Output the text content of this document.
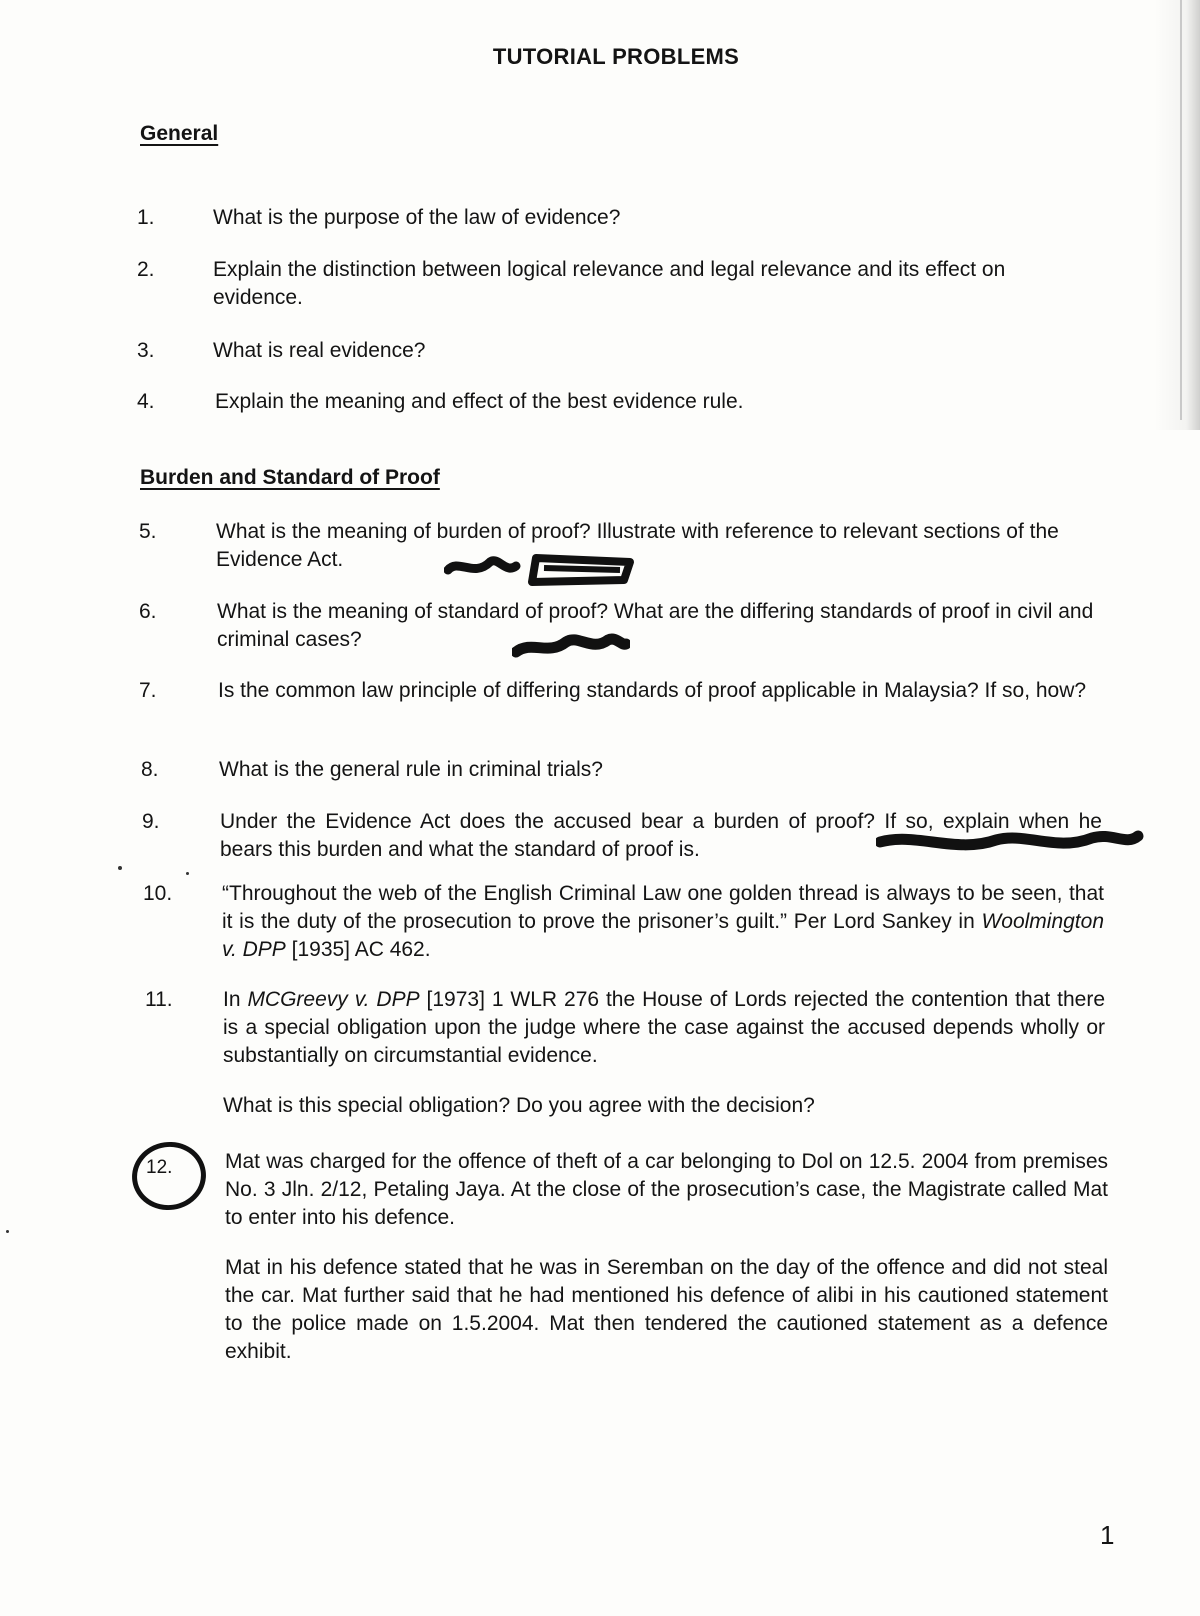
TUTORIAL PROBLEMS
General
1.	What is the purpose of the law of evidence?
2.	Explain the distinction between logical relevance and legal relevance and its effect on evidence.
3.	What is real evidence?
4.	Explain the meaning and effect of the best evidence rule.
Burden and Standard of Proof
5.	What is the meaning of burden of proof? Illustrate with reference to relevant sections of the Evidence Act.
6.	What is the meaning of standard of proof? What are the differing standards of proof in civil and criminal cases?
7.	Is the common law principle of differing standards of proof applicable in Malaysia? If so, how?
8.	What is the general rule in criminal trials?
9.	Under the Evidence Act does the accused bear a burden of proof? If so, explain when he bears this burden and what the standard of proof is.
10. “Throughout the web of the English Criminal Law one golden thread is always to be seen, that it is the duty of the prosecution to prove the prisoner’s guilt.” Per Lord Sankey in Woolmington v. DPP [1935] AC 462.
11. In MCGreevy v. DPP [1973] 1 WLR 276 the House of Lords rejected the contention that there is a special obligation upon the judge where the case against the accused depends wholly or substantially on circumstantial evidence.

What is this special obligation? Do you agree with the decision?

12.	Mat was charged for the offence of theft of a car belonging to Dol on 12.5. 2004 from premises No. 3 Jln. 2/12, Petaling Jaya. At the close of the prosecution’s case, the Magistrate called Mat to enter into his defence.

Mat in his defence stated that he was in Seremban on the day of the offence and did not steal the car. Mat further said that he had mentioned his defence of alibi in his cautioned statement to the police made on 1.5.2004. Mat then tendered the cautioned statement as a defence exhibit.

1
